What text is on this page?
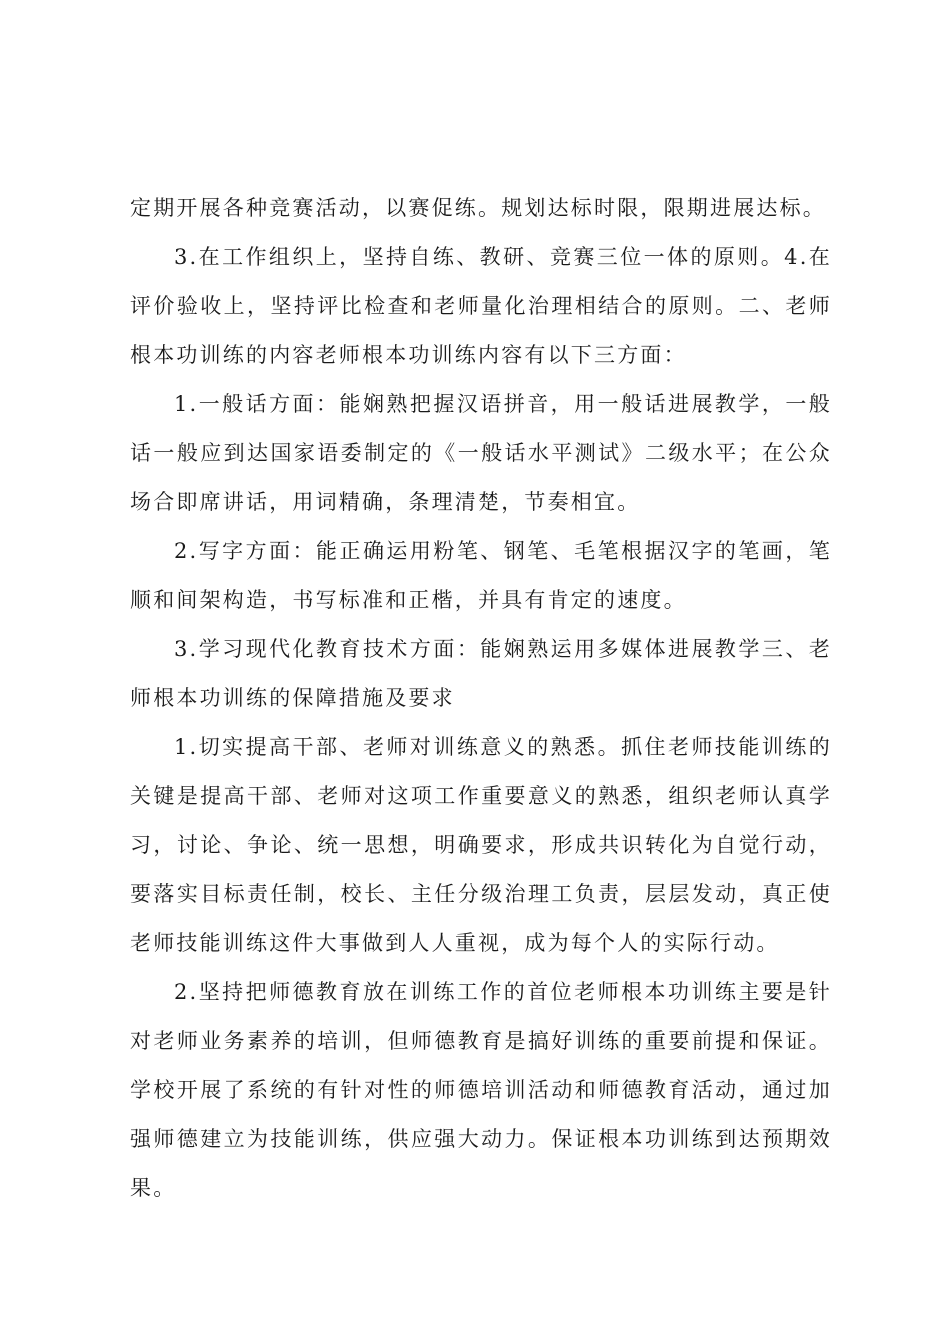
定期开展各种竞赛活动，以赛促练。规划达标时限，限期进展达标。

3.在工作组织上，坚持自练、教研、竞赛三位一体的原则。4.在评价验收上，坚持评比检查和老师量化治理相结合的原则。二、老师根本功训练的内容老师根本功训练内容有以下三方面：

1.一般话方面：能娴熟把握汉语拼音，用一般话进展教学，一般话一般应到达国家语委制定的《一般话水平测试》二级水平；在公众场合即席讲话，用词精确，条理清楚，节奏相宜。

2.写字方面：能正确运用粉笔、钢笔、毛笔根据汉字的笔画，笔顺和间架构造，书写标准和正楷，并具有肯定的速度。

3.学习现代化教育技术方面：能娴熟运用多媒体进展教学三、老师根本功训练的保障措施及要求

1.切实提高干部、老师对训练意义的熟悉。抓住老师技能训练的关键是提高干部、老师对这项工作重要意义的熟悉，组织老师认真学习，讨论、争论、统一思想，明确要求，形成共识转化为自觉行动，要落实目标责任制，校长、主任分级治理工负责，层层发动，真正使老师技能训练这件大事做到人人重视，成为每个人的实际行动。

2.坚持把师德教育放在训练工作的首位老师根本功训练主要是针对老师业务素养的培训，但师德教育是搞好训练的重要前提和保证。学校开展了系统的有针对性的师德培训活动和师德教育活动，通过加强师德建立为技能训练，供应强大动力。保证根本功训练到达预期效果。
